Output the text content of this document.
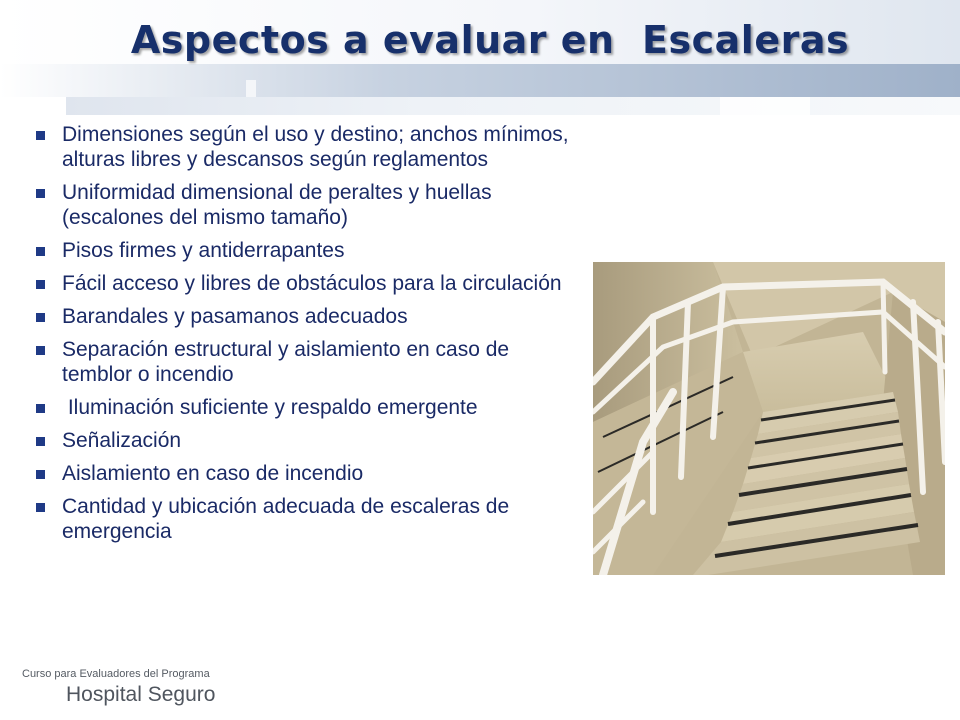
Aspectos a evaluar en  Escaleras
Dimensiones según el uso y destino; anchos mínimos, alturas libres y descansos según reglamentos
Uniformidad dimensional de peraltes y huellas (escalones del mismo tamaño)
Pisos firmes y antiderrapantes
Fácil acceso y libres de obstáculos para la circulación
Barandales y pasamanos adecuados
Separación estructural y aislamiento en caso de temblor o incendio
Iluminación suficiente y respaldo emergente
Señalización
Aislamiento en caso de incendio
Cantidad y ubicación adecuada de escaleras de emergencia
Curso para Evaluadores del Programa
Hospital Seguro
